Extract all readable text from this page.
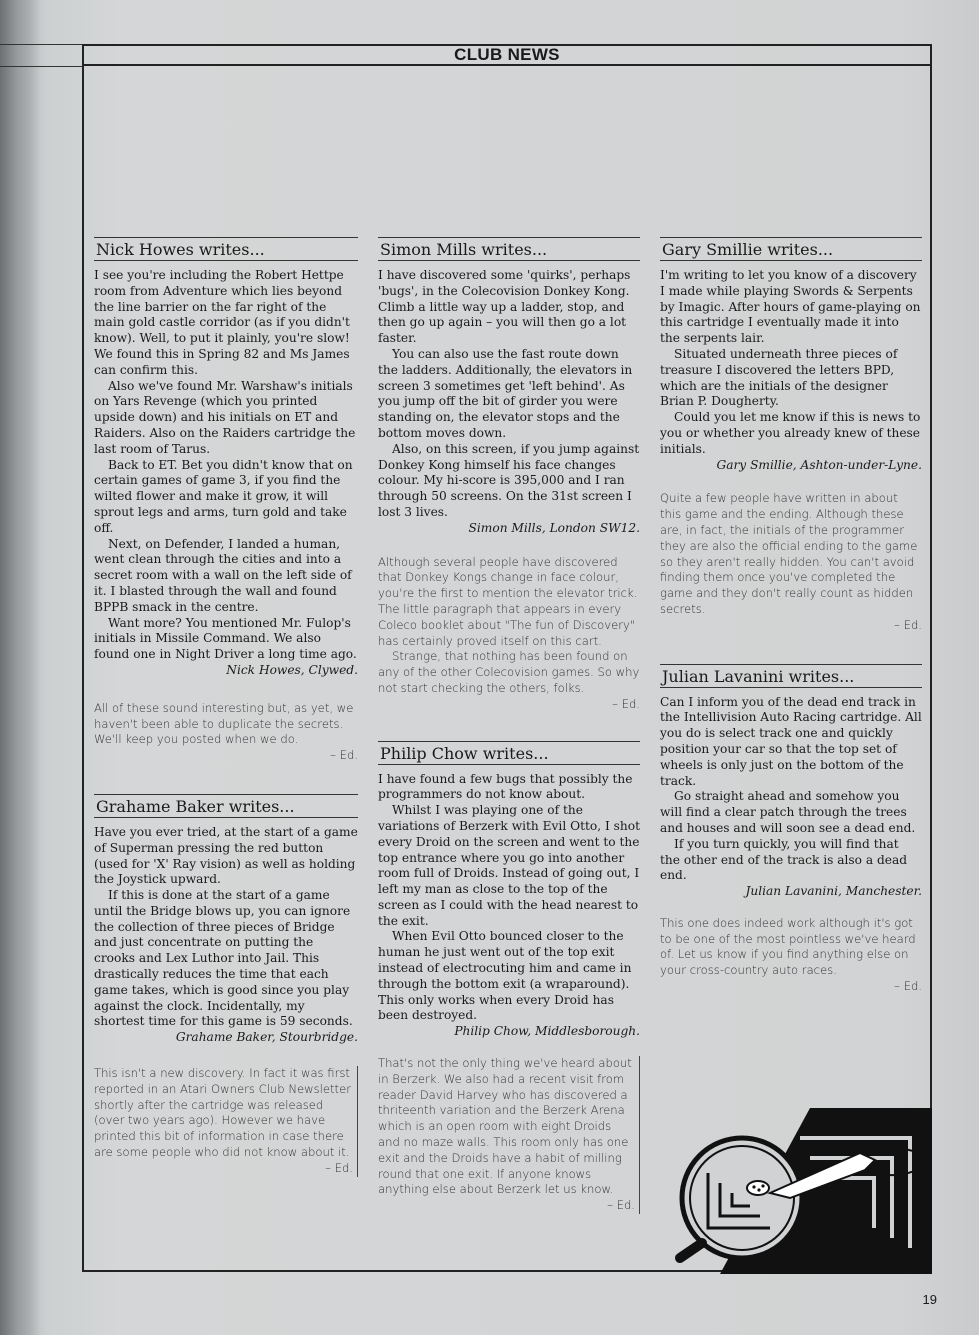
CLUB NEWS
Nick Howes writes...

I see you're including the Robert Hettpe room from Adventure which lies beyond the line barrier on the far right of the main gold castle corridor (as if you didn't know). Well, to put it plainly, you're slow! We found this in Spring 82 and Ms James can confirm this.

Also we've found Mr. Warshaw's initials on Yars Revenge (which you printed upside down) and his initials on ET and Raiders. Also on the Raiders cartridge the last room of Tarus.

Back to ET. Bet you didn't know that on certain games of game 3, if you find the wilted flower and make it grow, it will sprout legs and arms, turn gold and take off.

Next, on Defender, I landed a human, went clean through the cities and into a secret room with a wall on the left side of it. I blasted through the wall and found BPPB smack in the centre.

Want more? You mentioned Mr. Fulop's initials in Missile Command. We also found one in Night Driver a long time ago.

Nick Howes, Clywed.

All of these sound interesting but, as yet, we haven't been able to duplicate the secrets. We'll keep you posted when we do.

– Ed.

Grahame Baker writes...

Have you ever tried, at the start of a game of Superman pressing the red button (used for 'X' Ray vision) as well as holding the Joystick upward.

If this is done at the start of a game until the Bridge blows up, you can ignore the collection of three pieces of Bridge and just concentrate on putting the crooks and Lex Luthor into Jail. This drastically reduces the time that each game takes, which is good since you play against the clock. Incidentally, my shortest time for this game is 59 seconds.

Grahame Baker, Stourbridge.

This isn't a new discovery. In fact it was first reported in an Atari Owners Club Newsletter shortly after the cartridge was released (over two years ago). However we have printed this bit of information in case there are some people who did not know about it.

– Ed.

Simon Mills writes...

I have discovered some 'quirks', perhaps 'bugs', in the Colecovision Donkey Kong. Climb a little way up a ladder, stop, and then go up again – you will then go a lot faster.

You can also use the fast route down the ladders. Additionally, the elevators in screen 3 sometimes get 'left behind'. As you jump off the bit of girder you were standing on, the elevator stops and the bottom moves down.

Also, on this screen, if you jump against Donkey Kong himself his face changes colour. My hi-score is 395,000 and I ran through 50 screens. On the 31st screen I lost 3 lives.

Simon Mills, London SW12.

Although several people have discovered that Donkey Kongs change in face colour, you're the first to mention the elevator trick. The little paragraph that appears in every Coleco booklet about "The fun of Discovery" has certainly proved itself on this cart.

Strange, that nothing has been found on any of the other Colecovision games. So why not start checking the others, folks.

– Ed.

Philip Chow writes...

I have found a few bugs that possibly the programmers do not know about.

Whilst I was playing one of the variations of Berzerk with Evil Otto, I shot every Droid on the screen and went to the top entrance where you go into another room full of Droids. Instead of going out, I left my man as close to the top of the screen as I could with the head nearest to the exit.

When Evil Otto bounced closer to the human he just went out of the top exit instead of electrocuting him and came in through the bottom exit (a wraparound). This only works when every Droid has been destroyed.

Philip Chow, Middlesborough.

That's not the only thing we've heard about in Berzerk. We also had a recent visit from reader David Harvey who has discovered a thriteenth variation and the Berzerk Arena which is an open room with eight Droids and no maze walls. This room only has one exit and the Droids have a habit of milling round that one exit. If anyone knows anything else about Berzerk let us know.

– Ed.

Gary Smillie writes...

I'm writing to let you know of a discovery I made while playing Swords & Serpents by Imagic. After hours of game-playing on this cartridge I eventually made it into the serpents lair.

Situated underneath three pieces of treasure I discovered the letters BPD, which are the initials of the designer Brian P. Dougherty.

Could you let me know if this is news to you or whether you already knew of these initials.

Gary Smillie, Ashton-under-Lyne.

Quite a few people have written in about this game and the ending. Although these are, in fact, the initials of the programmer they are also the official ending to the game so they aren't really hidden. You can't avoid finding them once you've completed the game and they don't really count as hidden secrets.

– Ed.

Julian Lavanini writes...

Can I inform you of the dead end track in the Intellivision Auto Racing cartridge. All you do is select track one and quickly position your car so that the top set of wheels is only just on the bottom of the track.

Go straight ahead and somehow you will find a clear patch through the trees and houses and will soon see a dead end.

If you turn quickly, you will find that the other end of the track is also a dead end.

Julian Lavanini, Manchester.

This one does indeed work although it's got to be one of the most pointless we've heard of. Let us know if you find anything else on your cross-country auto races.

– Ed.

19
